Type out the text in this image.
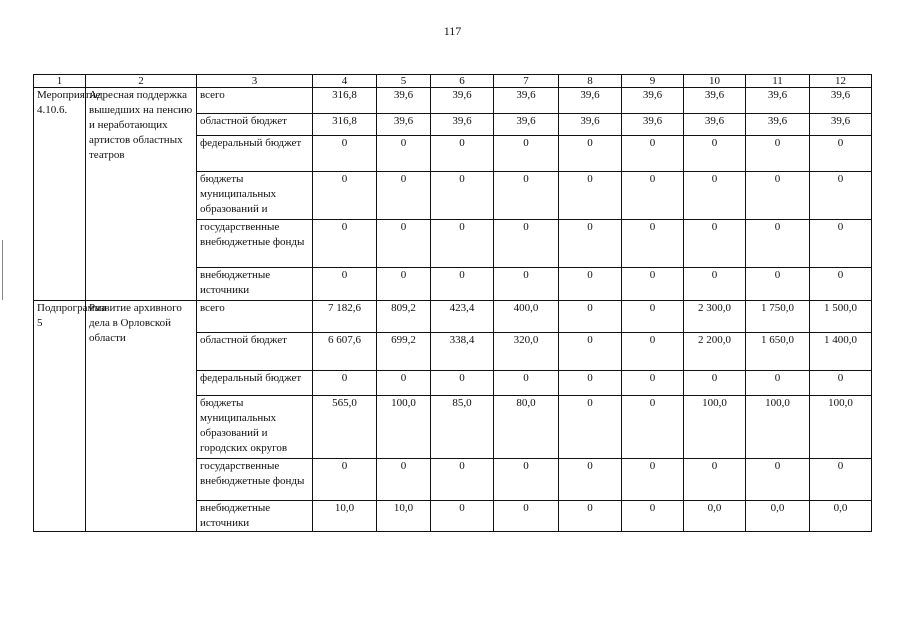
117
1	2	3	4	5	6	7	8	9	10	11	12
Мероприятие 4.10.6.	Адресная поддержка вышедших на пенсию и неработающих артистов областных театров	всего	316,8	39,6	39,6	39,6	39,6	39,6	39,6	39,6	39,6
		областной бюджет	316,8	39,6	39,6	39,6	39,6	39,6	39,6	39,6	39,6
		федеральный бюджет	0	0	0	0	0	0	0	0	0
		бюджеты муниципальных образований и	0	0	0	0	0	0	0	0	0
		государственные внебюджетные фонды	0	0	0	0	0	0	0	0	0
		внебюджетные источники	0	0	0	0	0	0	0	0	0
Подпрограмма 5	Развитие архивного дела в Орловской области	всего	7 182,6	809,2	423,4	400,0	0	0	2 300,0	1 750,0	1 500,0
		областной бюджет	6 607,6	699,2	338,4	320,0	0	0	2 200,0	1 650,0	1 400,0
		федеральный бюджет	0	0	0	0	0	0	0	0	0
		бюджеты муниципальных образований и городских округов	565,0	100,0	85,0	80,0	0	0	100,0	100,0	100,0
		государственные внебюджетные фонды	0	0	0	0	0	0	0	0	0
		внебюджетные источники	10,0	10,0	0	0	0	0	0,0	0,0	0,0
